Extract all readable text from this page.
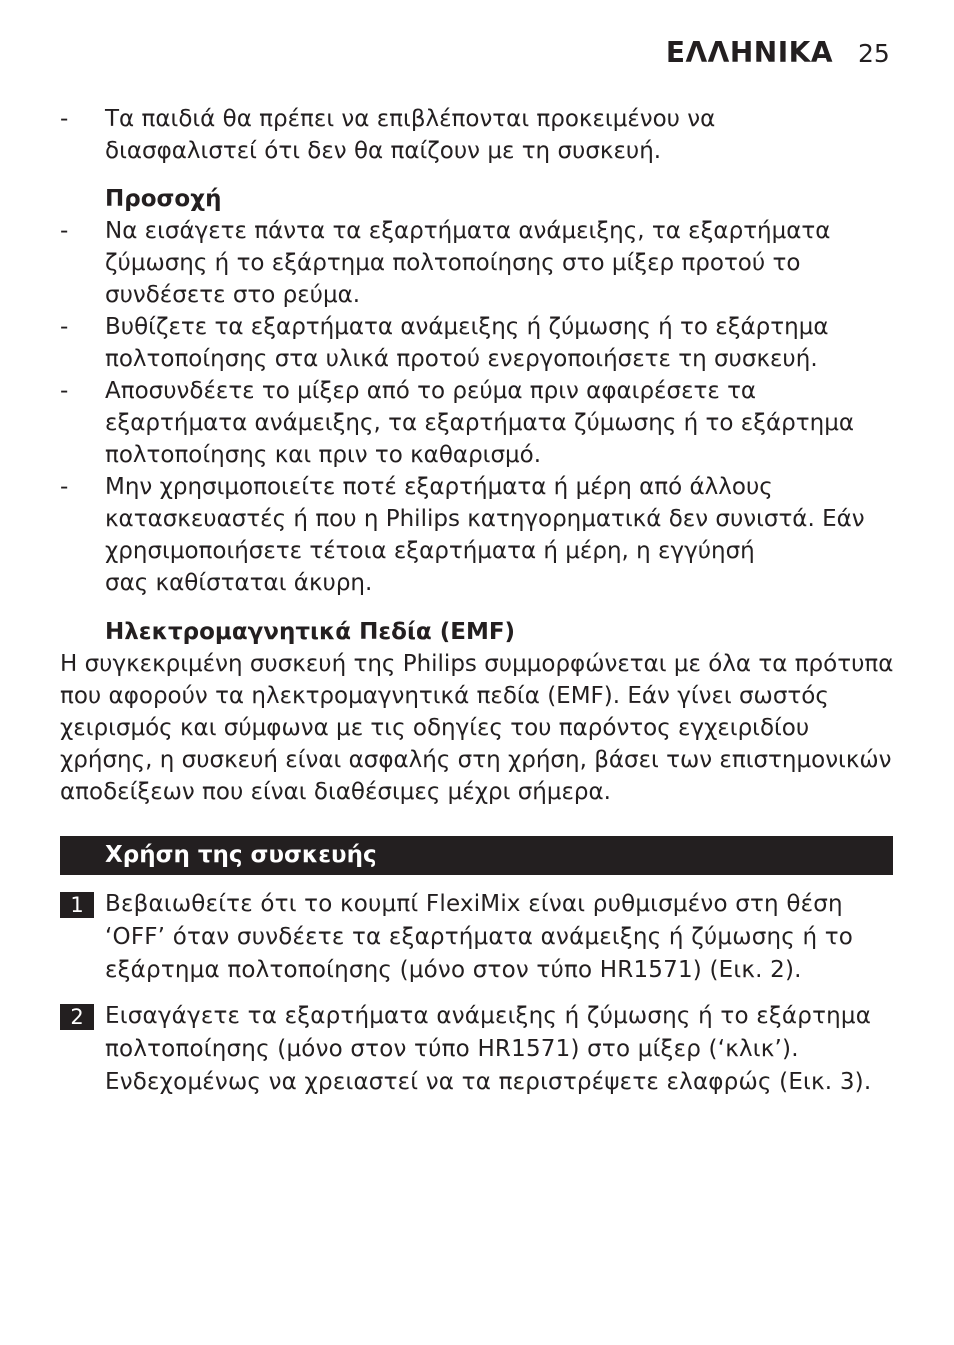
ΕΛΛΗΝΙΚΑ 25
- Τα παιδιά θα πρέπει να επιβλέπονται προκειμένου να
διασφαλιστεί ότι δεν θα παίζουν με τη συσκευή.

Προσοχή

- Να εισάγετε πάντα τα εξαρτήματα ανάμειξης, τα εξαρτήματα
ζύμωσης ή το εξάρτημα πολτοποίησης στο μίξερ προτού το
συνδέσετε στο ρεύμα.

- Βυθίζετε τα εξαρτήματα ανάμειξης ή ζύμωσης ή το εξάρτημα
πολτοποίησης στα υλικά προτού ενεργοποιήσετε τη συσκευή.

- Αποσυνδέετε το μίξερ από το ρεύμα πριν αφαιρέσετε τα
εξαρτήματα ανάμειξης, τα εξαρτήματα ζύμωσης ή το εξάρτημα
πολτοποίησης και πριν το καθαρισμό.

- Μην χρησιμοποιείτε ποτέ εξαρτήματα ή μέρη από άλλους
κατασκευαστές ή που η Philips κατηγορηματικά δεν συνιστά. Εάν
χρησιμοποιήσετε τέτοια εξαρτήματα ή μέρη, η εγγύησή
σας καθίσταται άκυρη.

Ηλεκτρομαγνητικά Πεδία (EMF)

Η συγκεκριμένη συσκευή της Philips συμμορφώνεται με όλα τα πρότυπα
που αφορούν τα ηλεκτρομαγνητικά πεδία (EMF). Εάν γίνει σωστός
χειρισμός και σύμφωνα με τις οδηγίες του παρόντος εγχειριδίου
χρήσης, η συσκευή είναι ασφαλής στη χρήση, βάσει των επιστημονικών
αποδείξεων που είναι διαθέσιμες μέχρι σήμερα.

Χρήση της συσκευής

1 Βεβαιωθείτε ότι το κουμπί FlexiMix είναι ρυθμισμένο στη θέση
‘OFF’ όταν συνδέετε τα εξαρτήματα ανάμειξης ή ζύμωσης ή το
εξάρτημα πολτοποίησης (μόνο στον τύπο HR1571) (Εικ. 2).

2 Εισαγάγετε τα εξαρτήματα ανάμειξης ή ζύμωσης ή το εξάρτημα
πολτοποίησης (μόνο στον τύπο HR1571) στο μίξερ (‘κλικ’).
Ενδεχομένως να χρειαστεί να τα περιστρέψετε ελαφρώς (Εικ. 3).
